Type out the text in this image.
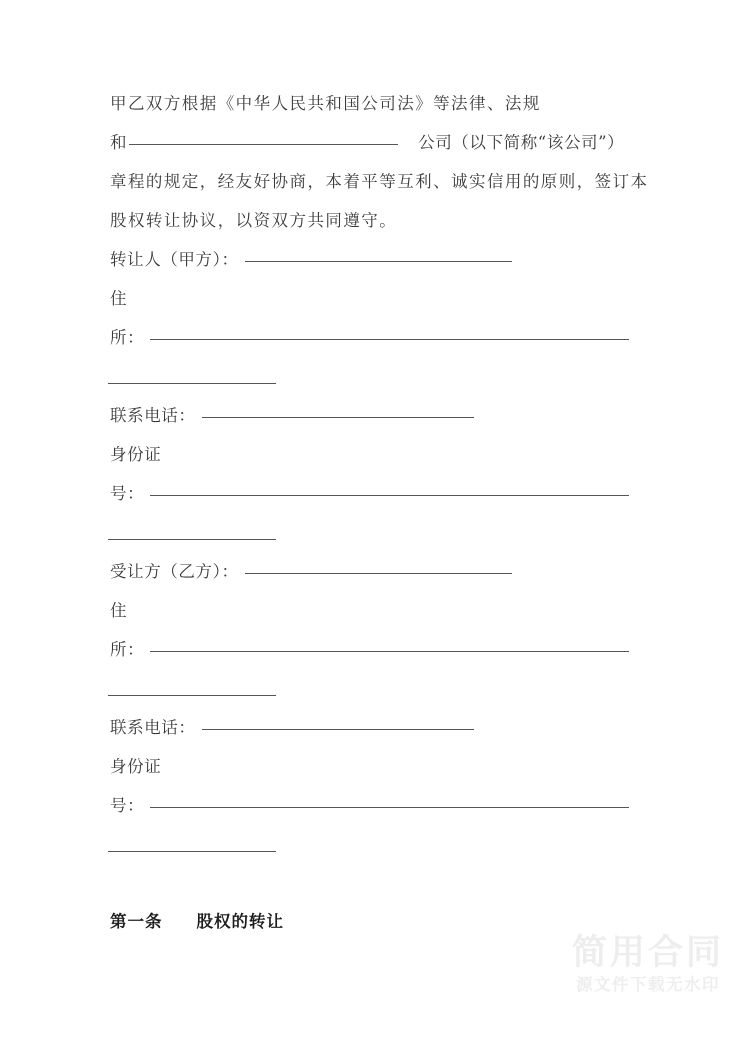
甲乙双方根据《中华人民共和国公司法》等法律、法规
和	公司（以下简称“该公司”）
章程的规定，经友好协商，本着平等互利、诚实信用的原则，签订本
股权转让协议，以资双方共同遵守。
转让人（甲方）：
住
所：
联系电话：
身份证
号：
受让方（乙方）：
住
所：
联系电话：
身份证
号：
第一条 股权的转让
简用合同
源文件下载无水印
